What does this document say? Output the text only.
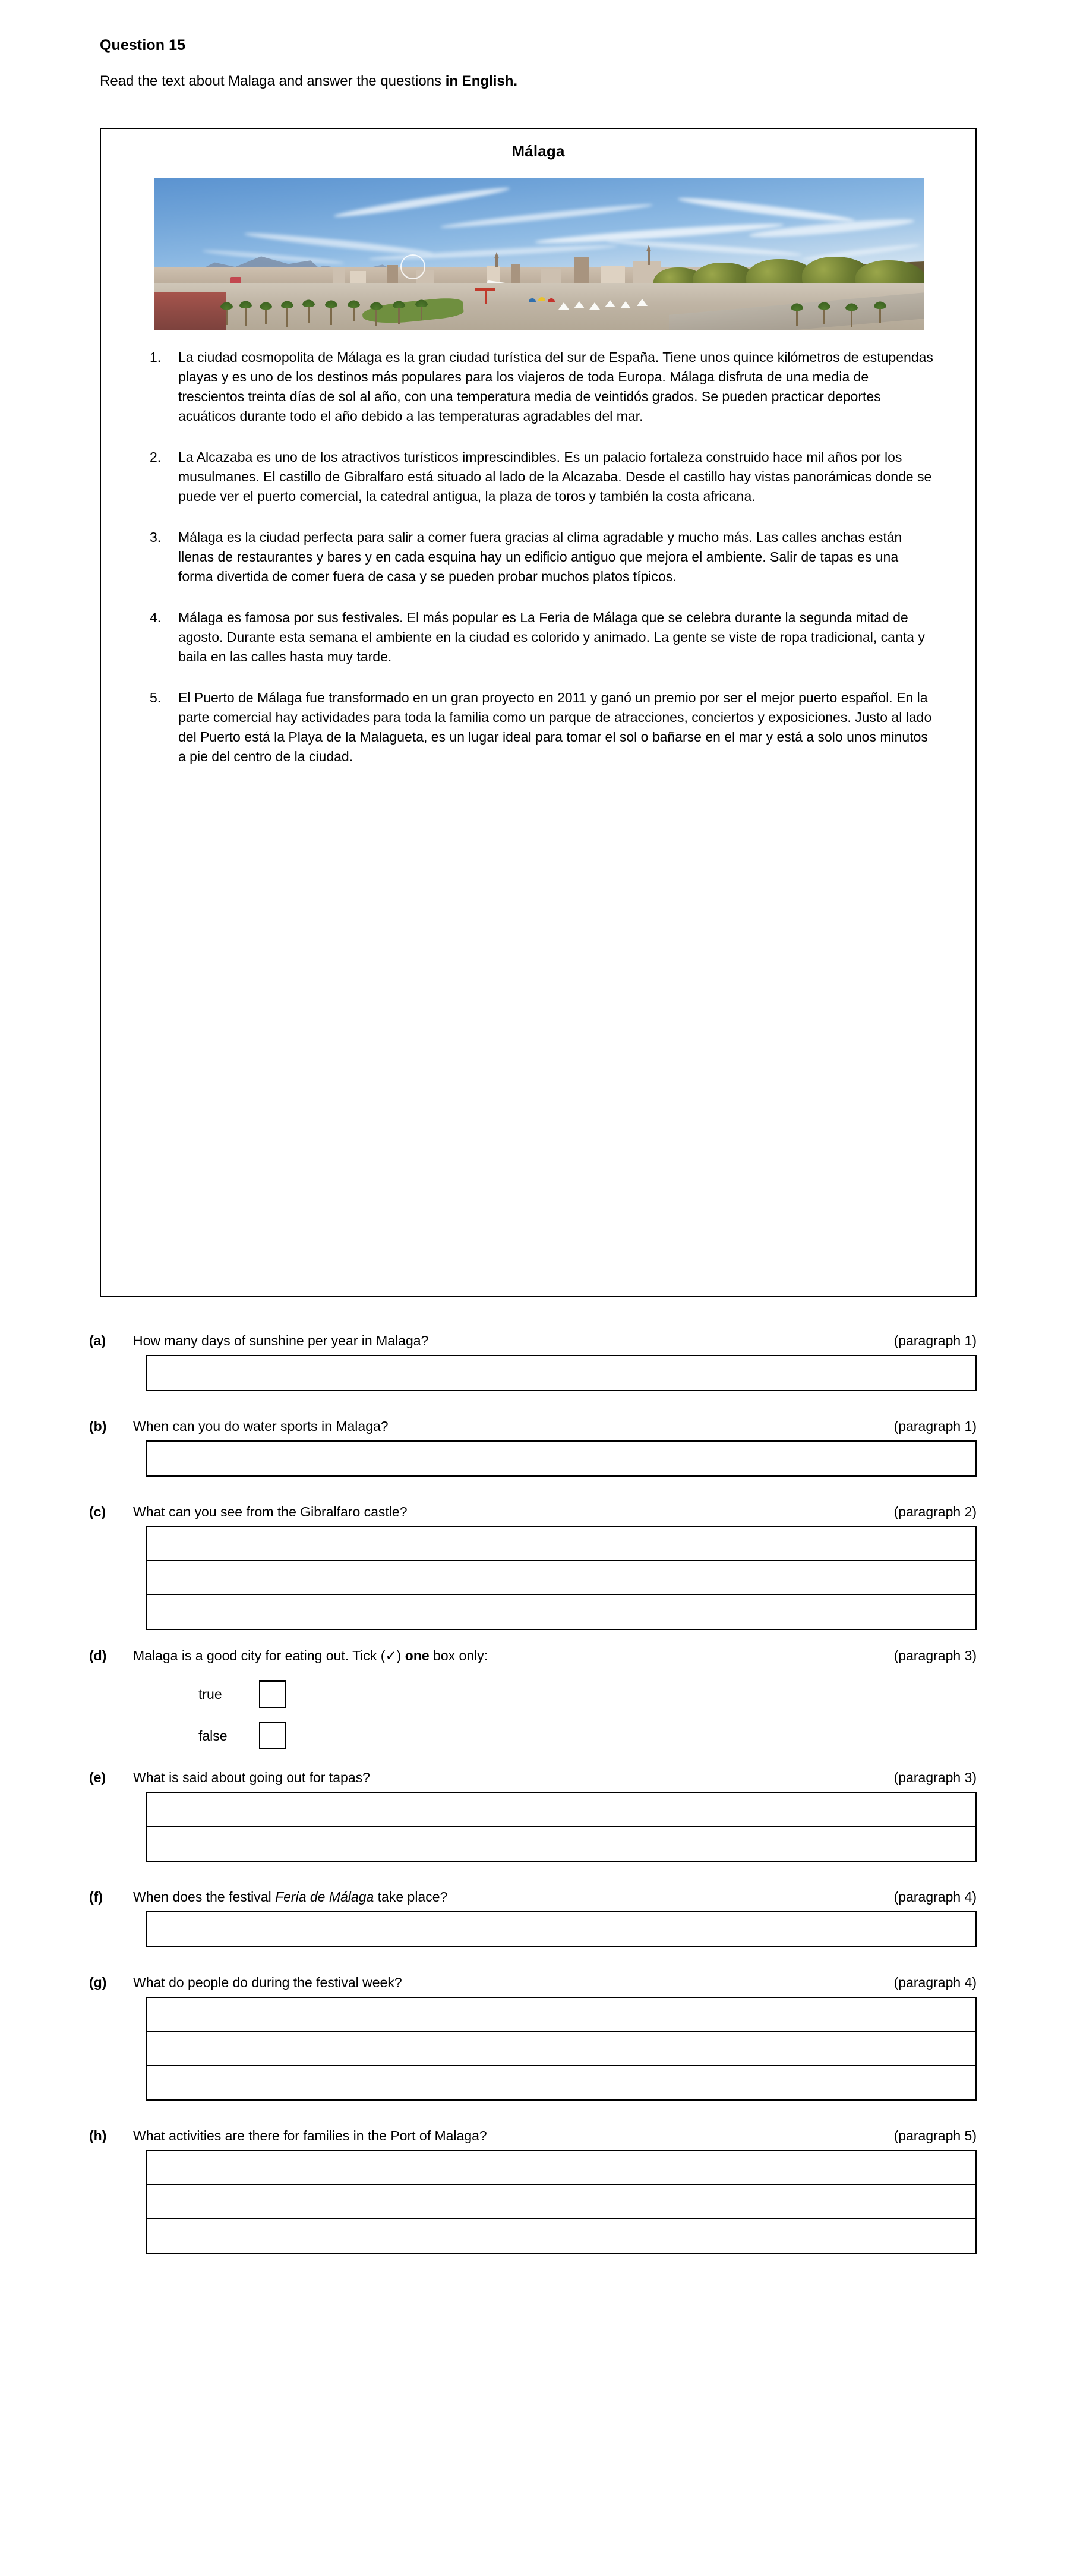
Question 15
Read the text about Malaga and answer the questions in English.
Málaga
1.	La ciudad cosmopolita de Málaga es la gran ciudad turística del sur de España. Tiene unos quince kilómetros de estupendas playas y es uno de los destinos más populares para los viajeros de toda Europa. Málaga disfruta de una media de trescientos treinta días de sol al año, con una temperatura media de veintidós grados. Se pueden practicar deportes acuáticos durante todo el año debido a las temperaturas agradables del mar.
2.	La Alcazaba es uno de los atractivos turísticos imprescindibles. Es un palacio fortaleza construido hace mil años por los musulmanes. El castillo de Gibralfaro está situado al lado de la Alcazaba. Desde el castillo hay vistas panorámicas donde se puede ver el puerto comercial, la catedral antigua, la plaza de toros y también la costa africana.
3.	Málaga es la ciudad perfecta para salir a comer fuera gracias al clima agradable y mucho más. Las calles anchas están llenas de restaurantes y bares y en cada esquina hay un edificio antiguo que mejora el ambiente. Salir de tapas es una forma divertida de comer fuera de casa y se pueden probar muchos platos típicos.
4.	Málaga es famosa por sus festivales. El más popular es La Feria de Málaga que se celebra durante la segunda mitad de agosto. Durante esta semana el ambiente en la ciudad es colorido y animado. La gente se viste de ropa tradicional, canta y baila en las calles hasta muy tarde.
5.	El Puerto de Málaga fue transformado en un gran proyecto en 2011 y ganó un premio por ser el mejor puerto español. En la parte comercial hay actividades para toda la familia como un parque de atracciones, conciertos y exposiciones. Justo al lado del Puerto está la Playa de la Malagueta, es un lugar ideal para tomar el sol o bañarse en el mar y está a solo unos minutos a pie del centro de la ciudad.
(a)	How many days of sunshine per year in Malaga?	(paragraph 1)
(b)	When can you do water sports in Malaga?	(paragraph 1)
(c)	What can you see from the Gibralfaro castle?	(paragraph 2)
(d)	Malaga is a good city for eating out. Tick (✓) one box only:	(paragraph 3)
true
false
(e)	What is said about going out for tapas?	(paragraph 3)
(f)	When does the festival Feria de Málaga take place?	(paragraph 4)
(g)	What do people do during the festival week?	(paragraph 4)
(h)	What activities are there for families in the Port of Malaga?	(paragraph 5)
